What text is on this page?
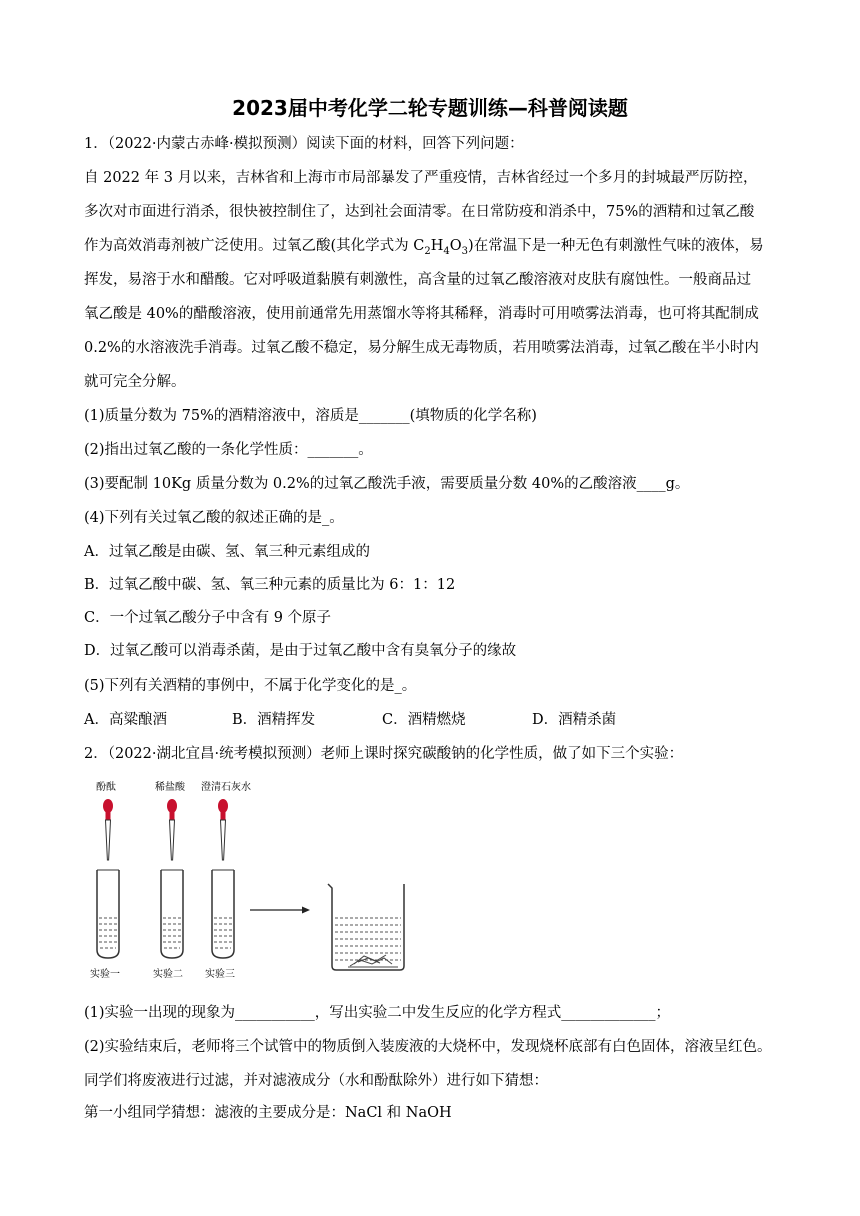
2023届中考化学二轮专题训练—科普阅读题
1．（2022·内蒙古赤峰·模拟预测）阅读下面的材料，回答下列问题：
自 2022 年 3 月以来，吉林省和上海市市局部暴发了严重疫情，吉林省经过一个多月的封城最严厉防控，
多次对市面进行消杀，很快被控制住了，达到社会面清零。在日常防疫和消杀中，75%的酒精和过氧乙酸
作为高效消毒剂被广泛使用。过氧乙酸(其化学式为 $C_2H_4O_3$)在常温下是一种无色有刺激性气味的液体，易
挥发，易溶于水和醋酸。它对呼吸道黏膜有刺激性，高含量的过氧乙酸溶液对皮肤有腐蚀性。一般商品过
氧乙酸是 40%的醋酸溶液，使用前通常先用蒸馏水等将其稀释，消毒时可用喷雾法消毒，也可将其配制成
0.2%的水溶液洗手消毒。过氧乙酸不稳定，易分解生成无毒物质，若用喷雾法消毒，过氧乙酸在半小时内
就可完全分解。
(1)质量分数为 75%的酒精溶液中，溶质是_______(填物质的化学名称)
(2)指出过氧乙酸的一条化学性质：_______。
(3)要配制 10Kg 质量分数为 0.2%的过氧乙酸洗手液，需要质量分数 40%的乙酸溶液____g。
(4)下列有关过氧乙酸的叙述正确的是_。
A．过氧乙酸是由碳、氢、氧三种元素组成的
B．过氧乙酸中碳、氢、氧三种元素的质量比为 6：1：12
C．一个过氧乙酸分子中含有 9 个原子
D．过氧乙酸可以消毒杀菌，是由于过氧乙酸中含有臭氧分子的缘故
(5)下列有关酒精的事例中，不属于化学变化的是_。
A．高粱酿酒	B．酒精挥发	C．酒精燃烧	D．酒精杀菌
2．（2022·湖北宜昌·统考模拟预测）老师上课时探究碳酸钠的化学性质，做了如下三个实验：
酚酞	稀盐酸 澄清石灰水
实验一	实验二 实验三
(1)实验一出现的现象为___________，写出实验二中发生反应的化学方程式_____________；
(2)实验结束后，老师将三个试管中的物质倒入装废液的大烧杯中，发现烧杯底部有白色固体，溶液呈红色。
同学们将废液进行过滤，并对滤液成分（水和酚酞除外）进行如下猜想：
第一小组同学猜想：滤液的主要成分是：NaCl 和 NaOH
